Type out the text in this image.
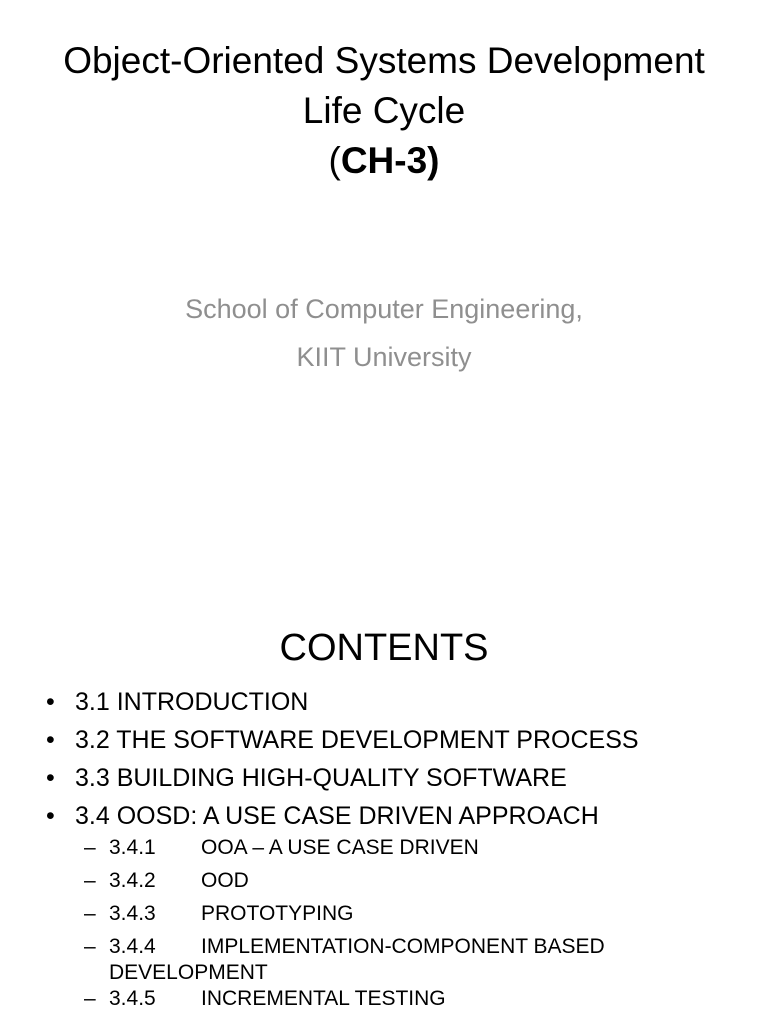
Object-Oriented Systems Development
Life Cycle
(CH-3)
School of Computer Engineering,
KIIT University
CONTENTS
• 3.1 INTRODUCTION
• 3.2 THE SOFTWARE DEVELOPMENT PROCESS
• 3.3 BUILDING HIGH-QUALITY SOFTWARE
• 3.4 OOSD: A USE CASE DRIVEN APPROACH
– 3.4.1 OOA – A USE CASE DRIVEN
– 3.4.2 OOD
– 3.4.3 PROTOTYPING
– 3.4.4 IMPLEMENTATION-COMPONENT BASED DEVELOPMENT
– 3.4.5 INCREMENTAL TESTING
